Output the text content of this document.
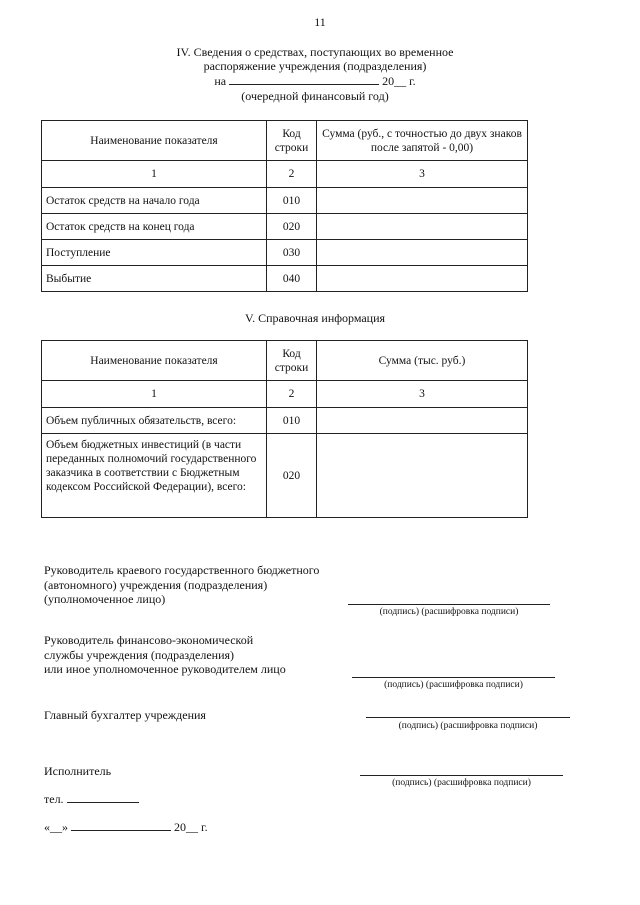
11
IV. Сведения о средствах, поступающих во временное
распоряжение учреждения (подразделения)
на	20__ г.
(очередной финансовый год)
Наименование показателя	Код строки	Сумма (руб., с точностью до двух знаков после запятой - 0,00)
1	2	3
Остаток средств на начало года	010	
Остаток средств на конец года	020	
Поступление	030	
Выбытие	040	
V. Справочная информация
Наименование показателя	Код строки	Сумма (тыс. руб.)
1	2	3
Объем публичных обязательств, всего:	010	
Объем бюджетных инвестиций (в части переданных полномочий государственного заказчика в соответствии с Бюджетным кодексом Российской Федерации), всего:	020	
Руководитель краевого государственного бюджетного
(автономного) учреждения (подразделения)
(уполномоченное лицо)
(подпись) (расшифровка подписи)
Руководитель финансово-экономической
службы учреждения (подразделения)
или иное уполномоченное руководителем лицо
(подпись) (расшифровка подписи)
Главный бухгалтер учреждения
(подпись) (расшифровка подписи)
Исполнитель
(подпись) (расшифровка подписи)
тел.
«__»	20__ г.
